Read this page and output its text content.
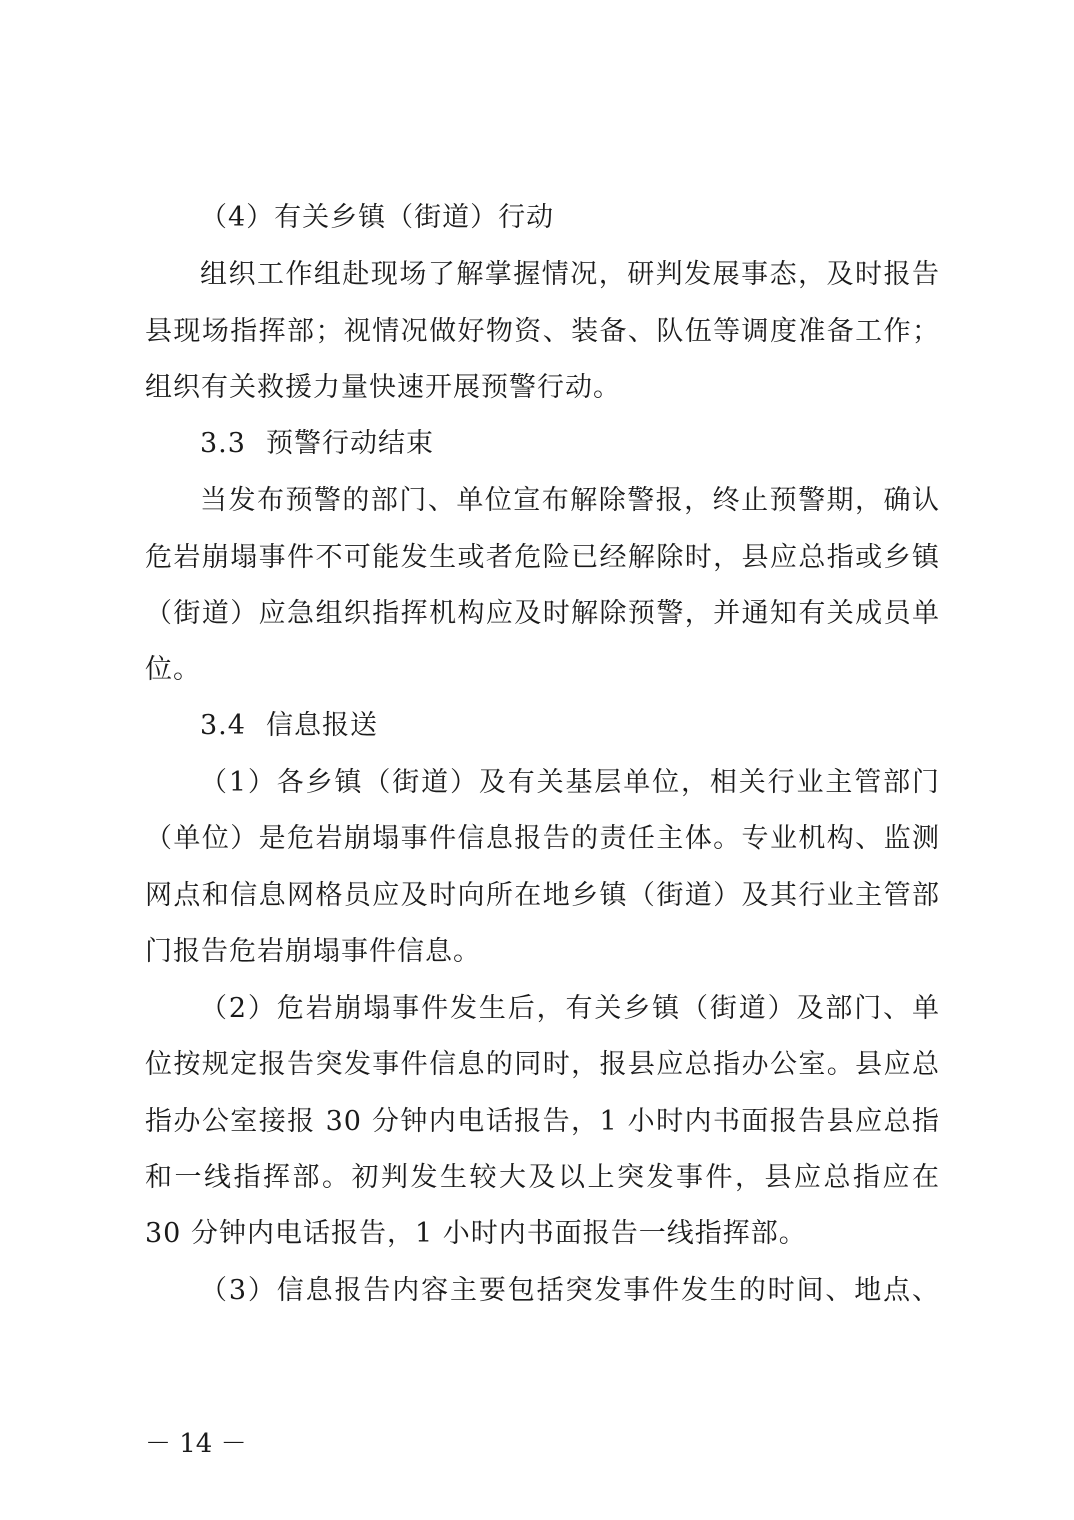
（4）有关乡镇（街道）行动
组织工作组赴现场了解掌握情况，研判发展事态，及时报告
县现场指挥部；视情况做好物资、装备、队伍等调度准备工作；
组织有关救援力量快速开展预警行动。
3.3 预警行动结束
当发布预警的部门、单位宣布解除警报，终止预警期，确认
危岩崩塌事件不可能发生或者危险已经解除时，县应总指或乡镇
（街道）应急组织指挥机构应及时解除预警，并通知有关成员单
位。
3.4 信息报送
（1）各乡镇（街道）及有关基层单位，相关行业主管部门
（单位）是危岩崩塌事件信息报告的责任主体。专业机构、监测
网点和信息网格员应及时向所在地乡镇（街道）及其行业主管部
门报告危岩崩塌事件信息。
（2）危岩崩塌事件发生后，有关乡镇（街道）及部门、单
位按规定报告突发事件信息的同时，报县应总指办公室。县应总
指办公室接报 30 分钟内电话报告，1 小时内书面报告县应总指
和一线指挥部。初判发生较大及以上突发事件，县应总指应在
30 分钟内电话报告，1 小时内书面报告一线指挥部。
（3）信息报告内容主要包括突发事件发生的时间、地点、
－ 14 －
